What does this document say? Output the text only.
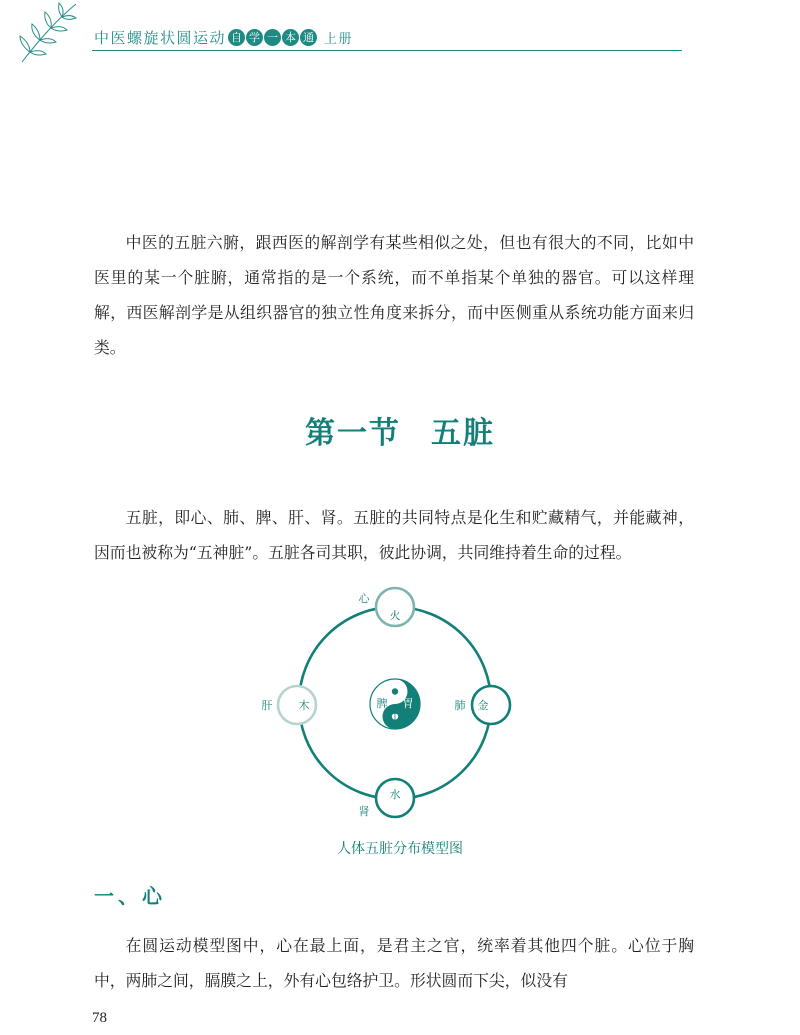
中医螺旋状圆运动 自 学 一 本 通 上册

中医的五脏六腑，跟西医的解剖学有某些相似之处，但也有很大的不同，比如中医里的某一个脏腑，通常指的是一个系统，而不单指某个单独的器官。可以这样理解，西医解剖学是从组织器官的独立性角度来拆分，而中医侧重从系统功能方面来归类。

第一节 五脏

五脏，即心、肺、脾、肝、肾。五脏的共同特点是化生和贮藏精气，并能藏神，因而也被称为“五神脏”。五脏各司其职，彼此协调，共同维持着生命的过程。

火
心
金
肺
水
肾
木
肝	脾 胃
土
人体五脏分布模型图
一、心

在圆运动模型图中，心在最上面，是君主之官，统率着其他四个脏。心位于胸中，两肺之间，膈膜之上，外有心包络护卫。形状圆而下尖，似没有

78
